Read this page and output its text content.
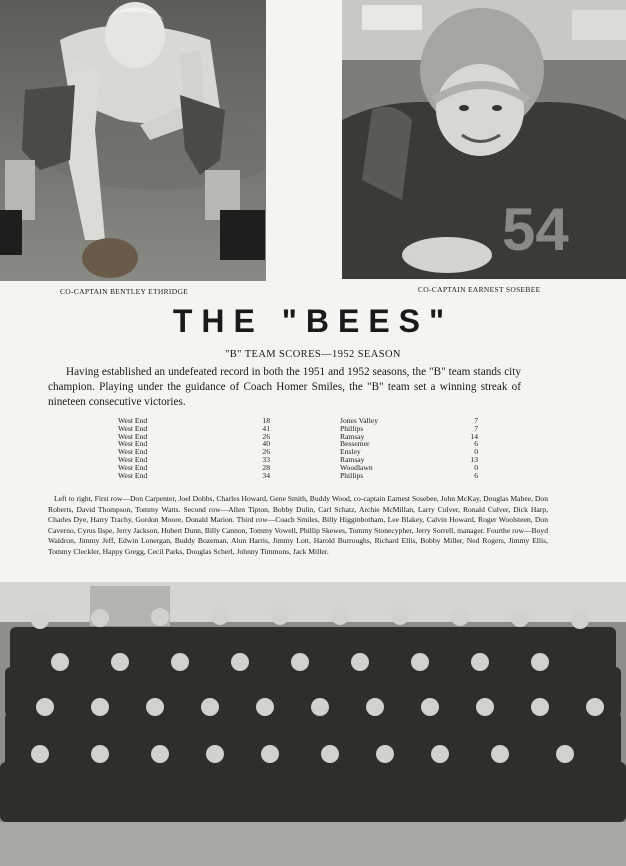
54
CO-CAPTAIN BENTLEY ETHRIDGE	CO-CAPTAIN EARNEST SOSEBEE
THE "BEES"
"B" TEAM SCORES—1952 SEASON

Having established an undefeated record in both the 1951 and 1952 seasons, the "B" team stands city champion. Playing under the guidance of Coach Homer Smiles, the "B" team set a winning streak of nineteen consecutive victories.

West End	18	Jones Valley	7
West End	41	Phillips	7
West End	26	Ramsay	14
West End	40	Bessemer	6
West End	26	Ensley	0
West End	33	Ramsay	13
West End	28	Woodlawn	0
West End	34	Phillips	6

Left to right, First row—Don Carpenter, Joel Dobbs, Charles Howard, Gene Smith, Buddy Wood, co-captain Earnest Sosebee, John McKay, Douglas Mabee, Don Roberts, David Thompson, Tommy Watts. Second row—Allen Tipton, Bobby Dulin, Carl Schatz, Archie McMillan, Larry Culver, Ronald Culver, Dick Harp, Charles Dye, Harry Trachy, Gordon Moore, Donald Marion. Third row—Coach Smiles, Billy Higginbotham, Lee Blakey, Calvin Howard, Roger Woolsteen, Don Caverno, Cyrus Ilspe, Jerry Jackson, Hubert Dunn, Billy Cannon, Tommy Vowell, Phillip Skewes, Tommy Stonecypher, Jerry Sorrell, manager. Fourthe row—Boyd Waldron, Jimmy Jeff, Edwin Lonergan, Buddy Bozeman, Alun Harris, Jimmy Lott, Harold Burroughs, Richard Ellis, Bobby Miller, Ned Rogers, Jimmy Ellis, Tommy Cleckler, Happy Gregg, Cecil Parks, Douglas Scherl, Johnny Timmons, Jack Miller.
